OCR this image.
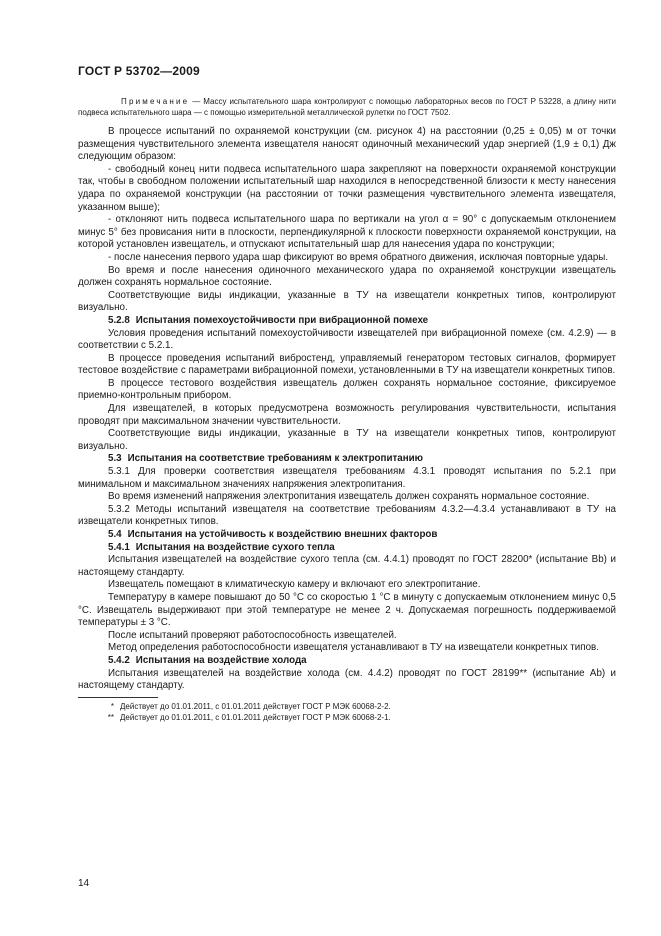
ГОСТ Р 53702—2009

Примечание — Массу испытательного шара контролируют с помощью лабораторных весов по ГОСТ Р 53228, а длину нити подвеса испытательного шара — с помощью измерительной металлической рулетки по ГОСТ 7502.

В процессе испытаний по охраняемой конструкции (см. рисунок 4) на расстоянии (0,25 ± 0,05) м от точки размещения чувствительного элемента извещателя наносят одиночный механический удар энергией (1,9 ± 0,1) Дж следующим образом:

- свободный конец нити подвеса испытательного шара закрепляют на поверхности охраняемой конструкции так, чтобы в свободном положении испытательный шар находился в непосредственной близости к месту нанесения удара по охраняемой конструкции (на расстоянии от точки размещения чувствительного элемента извещателя, указанном выше);

- отклоняют нить подвеса испытательного шара по вертикали на угол α = 90° с допускаемым отклонением минус 5° без провисания нити в плоскости, перпендикулярной к плоскости поверхности охраняемой конструкции, на которой установлен извещатель, и отпускают испытательный шар для нанесения удара по конструкции;

- после нанесения первого удара шар фиксируют во время обратного движения, исключая повторные удары.

Во время и после нанесения одиночного механического удара по охраняемой конструкции извещатель должен сохранять нормальное состояние.

Соответствующие виды индикации, указанные в ТУ на извещатели конкретных типов, контролируют визуально.

5.2.8 Испытания помехоустойчивости при вибрационной помехе

Условия проведения испытаний помехоустойчивости извещателей при вибрационной помехе (см. 4.2.9) — в соответствии с 5.2.1.

В процессе проведения испытаний вибростенд, управляемый генератором тестовых сигналов, формирует тестовое воздействие с параметрами вибрационной помехи, установленными в ТУ на извещатели конкретных типов.

В процессе тестового воздействия извещатель должен сохранять нормальное состояние, фиксируемое приемно-контрольным прибором.

Для извещателей, в которых предусмотрена возможность регулирования чувствительности, испытания проводят при максимальном значении чувствительности.

Соответствующие виды индикации, указанные в ТУ на извещатели конкретных типов, контролируют визуально.

5.3 Испытания на соответствие требованиям к электропитанию

5.3.1 Для проверки соответствия извещателя требованиям 4.3.1 проводят испытания по 5.2.1 при минимальном и максимальном значениях напряжения электропитания.

Во время изменений напряжения электропитания извещатель должен сохранять нормальное состояние.

5.3.2 Методы испытаний извещателя на соответствие требованиям 4.3.2—4.3.4 устанавливают в ТУ на извещатели конкретных типов.

5.4 Испытания на устойчивость к воздействию внешних факторов

5.4.1 Испытания на воздействие сухого тепла

Испытания извещателей на воздействие сухого тепла (см. 4.4.1) проводят по ГОСТ 28200* (испытание Bb) и настоящему стандарту.

Извещатель помещают в климатическую камеру и включают его электропитание.

Температуру в камере повышают до 50 °С со скоростью 1 °С в минуту с допускаемым отклонением минус 0,5 °С. Извещатель выдерживают при этой температуре не менее 2 ч. Допускаемая погрешность поддерживаемой температуры ± 3 °С.

После испытаний проверяют работоспособность извещателей.

Метод определения работоспособности извещателя устанавливают в ТУ на извещатели конкретных типов.

5.4.2 Испытания на воздействие холода

Испытания извещателей на воздействие холода (см. 4.4.2) проводят по ГОСТ 28199** (испытание Ab) и настоящему стандарту.

* Действует до 01.01.2011, с 01.01.2011 действует ГОСТ Р МЭК 60068-2-2.

** Действует до 01.01.2011, с 01.01.2011 действует ГОСТ Р МЭК 60068-2-1.

14
